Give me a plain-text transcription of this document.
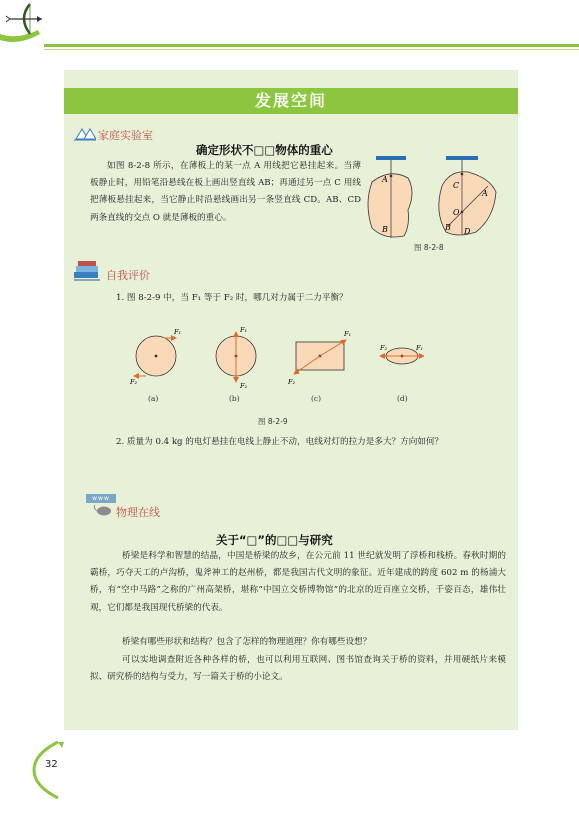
发展空间
家庭实验室
确定形状不□□物体的重心
如图 8-2-8 所示，在薄板上的某一点 A 用线把它悬挂起来。当薄板静止时，用铅笔沿悬线在板上画出竖直线 AB；再通过另一点 C 用线把薄板悬挂起来，当它静止时沿悬线画出另一条竖直线 CD。AB、CD 两条直线的交点 O 就是薄板的重心。
A
B
C
A
O
B D
图 8-2-8
自我评价
1. 图 8-2-9 中，当 F₁ 等于 F₂ 时，哪几对力属于二力平衡？
F₁
F₂
F₁
F₂
F₁
F₂
F₁
F₂
(a)	(b)	(c)	(d)
图 8-2-9
2. 质量为 0.4 kg 的电灯悬挂在电线上静止不动，电线对灯的拉力是多大？方向如何？
www
物理在线
关于“□”的□□与研究
桥梁是科学和智慧的结晶，中国是桥梁的故乡，在公元前 11 世纪就发明了浮桥和栈桥。春秋时期的霸桥，巧夺天工的卢沟桥，鬼斧神工的赵州桥，都是我国古代文明的象征。近年建成的跨度 602 m 的杨浦大桥，有“空中马路”之称的广州高架桥，堪称“中国立交桥博物馆”的北京的近百座立交桥，千姿百态，雄伟壮观，它们都是我国现代桥梁的代表。
桥梁有哪些形状和结构？包含了怎样的物理道理？你有哪些设想？
可以实地调查附近各种各样的桥，也可以利用互联网、图书馆查询关于桥的资料，并用硬纸片来模拟、研究桥的结构与受力，写一篇关于桥的小论文。
32
